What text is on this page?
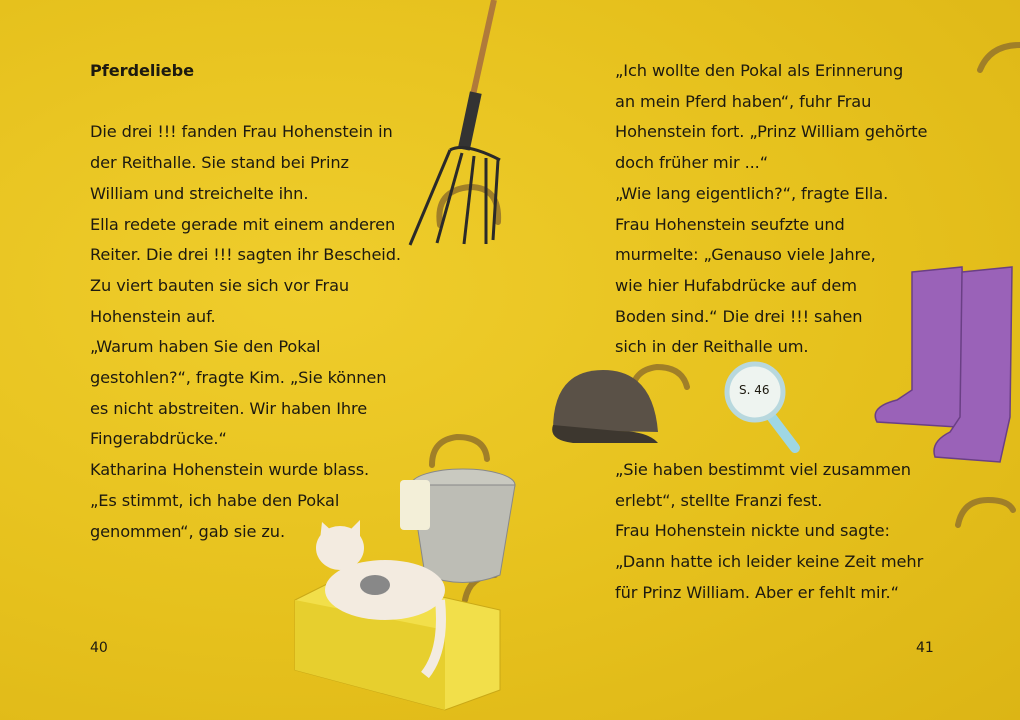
Pferdeliebe
Die drei !!! fanden Frau Hohenstein in
der Reithalle. Sie stand bei Prinz
William und streichelte ihn.
Ella redete gerade mit einem anderen
Reiter. Die drei !!! sagten ihr Bescheid.
Zu viert bauten sie sich vor Frau
Hohenstein auf.
„Warum haben Sie den Pokal
gestohlen?“, fragte Kim. „Sie können
es nicht abstreiten. Wir haben Ihre
Fingerabdrücke.“
Katharina Hohenstein wurde blass.
„Es stimmt, ich habe den Pokal
genommen“, gab sie zu.
„Ich wollte den Pokal als Erinnerung
an mein Pferd haben“, fuhr Frau
Hohenstein fort. „Prinz William gehörte
doch früher mir ...“
„Wie lang eigentlich?“, fragte Ella.
Frau Hohenstein seufzte und
murmelte: „Genauso viele Jahre,
wie hier Hufabdrücke auf dem
Boden sind.“ Die drei !!! sahen
sich in der Reithalle um.
S. 46
„Sie haben bestimmt viel zusammen
erlebt“, stellte Franzi fest.
Frau Hohenstein nickte und sagte:
„Dann hatte ich leider keine Zeit mehr
für Prinz William. Aber er fehlt mir.“
40	41
